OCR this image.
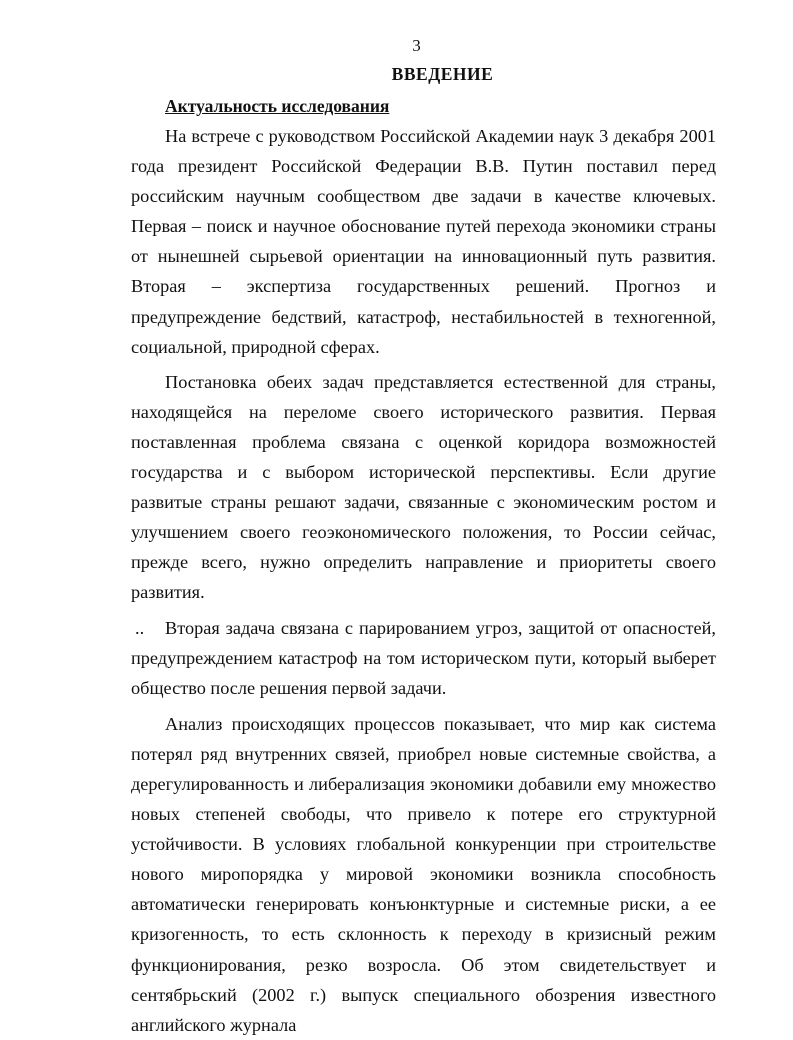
3
ВВЕДЕНИЕ
Актуальность исследования

На встрече с руководством Российской Академии наук 3 декабря 2001 года президент Российской Федерации В.В. Путин поставил перед российским научным сообществом две задачи в качестве ключевых. Первая – поиск и научное обоснование путей перехода экономики страны от нынешней сырьевой ориентации на инновационный путь развития. Вторая – экспертиза государственных решений. Прогноз и предупреждение бедствий, катастроф, нестабильностей в техногенной, социальной, природной сферах.

Постановка обеих задач представляется естественной для страны, находящейся на переломе своего исторического развития. Первая поставленная проблема связана с оценкой коридора возможностей государства и с выбором исторической перспективы. Если другие развитые страны решают задачи, связанные с экономическим ростом и улучшением своего геоэкономического положения, то России сейчас, прежде всего, нужно определить направление и приоритеты своего развития.

.. Вторая задача связана с парированием угроз, защитой от опасностей, предупреждением катастроф на том историческом пути, который выберет общество после решения первой задачи.

Анализ происходящих процессов показывает, что мир как система потерял ряд внутренних связей, приобрел новые системные свойства, а дерегулированность и либерализация экономики добавили ему множество новых степеней свободы, что привело к потере его структурной устойчивости. В условиях глобальной конкуренции при строительстве нового миропорядка у мировой экономики возникла способность автоматически генерировать конъюнктурные и системные риски, а ее кризогенность, то есть склонность к переходу в кризисный режим функционирования, резко возросла. Об этом свидетельствует и сентябрьский (2002 г.) выпуск специального обозрения известного английского журнала
